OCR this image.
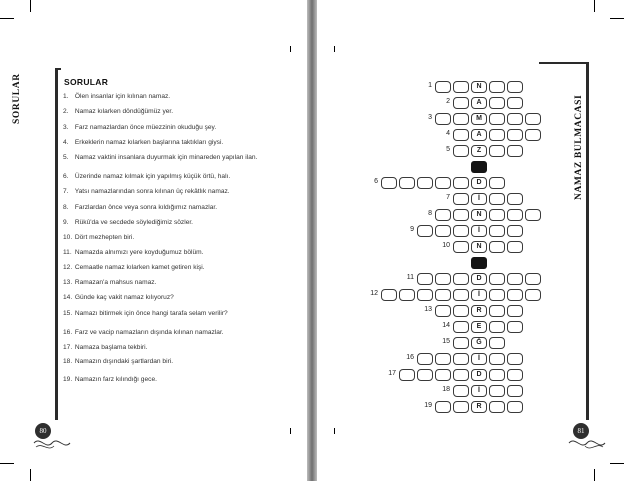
SORULAR	SORULAR
1. Ölen insanlar için kılınan namaz.
2. Namaz kılarken döndüğümüz yer.
3. Farz namazlardan önce müezzinin okuduğu şey.
4. Erkeklerin namaz kılarken başlarına taktıkları giysi.
5. Namaz vaktini insanlara duyurmak için minareden yapılan ilan.
6. Üzerinde namaz kılmak için yapılmış küçük örtü, halı.
7. Yatsı namazlarından sonra kılınan üç rekâtlık namaz.
8. Farzlardan önce veya sonra kıldığımız namazlar.
9. Rükû'da ve secdede söylediğimiz sözler.
10. Dört mezhepten biri.
11. Namazda alnımızı yere koyduğumuz bölüm.
12. Cemaatle namaz kılarken kamet getiren kişi.
13. Ramazan'a mahsus namaz.
14. Günde kaç vakit namaz kılıyoruz?
15. Namazı bitirmek için önce hangi tarafa selam verilir?
16. Farz ve vacip namazların dışında kılınan namazlar.
17. Namaza başlama tekbiri.
18. Namazın dışındaki şartlardan biri.
19. Namazın farz kılındığı gece.
80
NAMAZ BULMACASI
81
N
1
A
2
M
3
A
4
Z
5
D
6
İ
7
N
8
İ
9
N
10
D
11
İ
12
R
13
E
14
Ğ
15
İ
16
D
17
İ
18
R
19
